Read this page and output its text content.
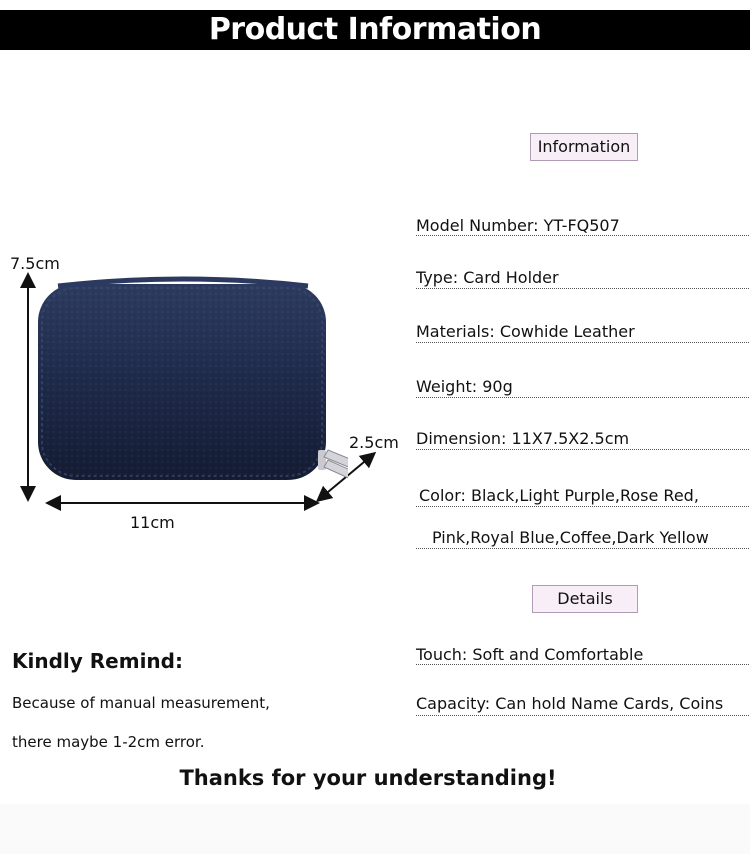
Product Information
7.5cm
11cm
2.5cm
Information
Model Number: YT-FQ507
Type: Card Holder
Materials: Cowhide Leather
Weight: 90g
Dimension: 11X7.5X2.5cm
Color: Black,Light Purple,Rose Red,
Pink,Royal Blue,Coffee,Dark Yellow
Details
Touch: Soft and Comfortable
Capacity: Can hold Name Cards, Coins
Kindly Remind:
Because of manual measurement,
there maybe 1-2cm error.
Thanks for your understanding!
